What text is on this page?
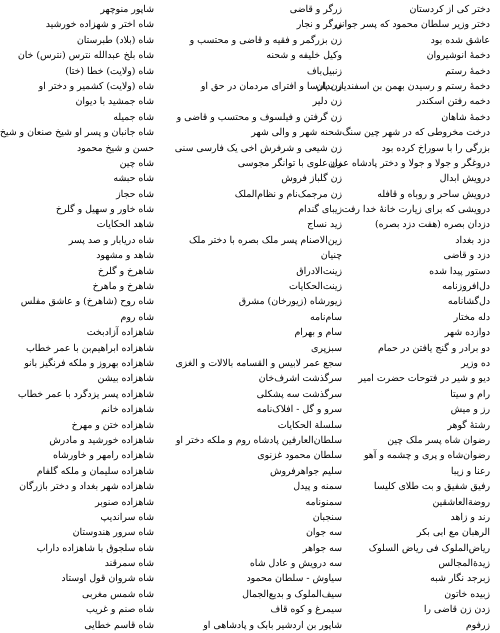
دختر کی از کردستان
زرگر و قاضی
شاپور منوچهر
دختر وزیر سلطان محمود که پسر جوانی
زرگر و نجار
شاه اختر و شهزاده خورشید
عاشق شده بود
زن بزرگمر و فقیه و قاضی و محتسب و
شاه (بلاد) طبرستان
دخمهٔ انوشیروان
وکیل خلیفه و شحنه
شاه بلخ عبدالله نترس (نترس) خان
دخمهٔ رستم
زنبیل‌باف
شاه (ولایت) خطا (ختا)
دخمهٔ رستم و رسیدن بهمن بن اسفندیار بدان
زن پارسا و افترای مردمان در حق او
شاه (ولایت) کشمیر و دختر او
دخمه رفتن اسکندر
زن دلیر
شاه جمشید با دیوان
دخمهٔ شاهان
زن گرفتن و فیلسوف و محتسب و قاضی و
شاه جمیله
درخت مخروطی که در شهر چین سنگ
شحنه شهر و والی شهر
شاه جانبان و پسر او شیخ صنعان و شیخ
بزرگی را با سوراخ کرده بود
زن شیعی و شرفرش اخی یک فارسی سنی
حسن و شیخ محمود
دروغگر و جولا و جولا و دختر پادشاه عمان
زن علوی با توانگر مجوسی
شاه چین
درویش ابدال
زن گلباز فروش
شاه حبشه
درویش ساحر و روباه و قافله
زن مرجمک‌نام و نظام‌الملک
شاه حجاز
درویشی که برای زیارت خانهٔ خدا رفت
زیبای گندام
شاه خاور و سهیل و گلرخ
دزدان بصره (هفت دزد بصره)
زید نساج
شاهد الحکایات
دزد بغداد
زین‌الاصنام پسر ملک بصره با دختر ملک
شاه دریابار و صد پسر
دزد و قاضی
چنیان
شاهد و مشهود
دستور پیدا شده
زینت‌الادراق
شاهرخ و گلرخ
دل‌افروزنامه
زینت‌الحکایات
شاهرخ و ماهرخ
دل‌گشانامه
زیورشاه (زیورخان) مشرق
شاه روح (شاهرخ) و عاشق مفلس
دله مختار
سام‌نامه
شاه روم
دوازده شهر
سام و بهرام
شاهزاده آزادبخت
دو برادر و گنج یافتن در حمام
سبزپری
شاهزاده ابراهیم‌بن با عمر خطاب
ده وزیر
سجع عمر لابیس و القسامه بالالات و الغزی
شاهزاده بهروز و ملکه فرنگیز بانو
دیو و شیر در فتوحات حضرت امیر
سرگذشت اشرف‌خان
شاهزاده بیشن
رام و سیتا
سرگذشت سه پشکلی
شاهزاده پسر یزدگرد با عمر خطاب
رز و میش
سرو و گل - افلاک‌نامه
شاهزاده خانم
رشتهٔ گوهر
سلسلة الحکایات
شاهزاده ختن و مهرخ
رضوان شاه پسر ملک چین
سلطان‌العارفین پادشاه روم و ملکه دختر او
شاهزاده خورشید و مادرش
رضوان‌شاه و پری و چشمه و آهو
سلطان محمود غزنوی
شاهزاده رامهر و خاورشاه
رعنا و زیبا
سلیم جواهرفروش
شاهزاده سلیمان و ملکه گلفام
رفیق شفیق و بت طلای کلیسا
سمنه و پیدل
شاهزاده شهر بغداد و دختر بازرگان
روضة‌العاشقین
سمنونامه
شاهزاده صنوبر
رند و زاهد
سنجبان
شاه سراندیپ
الرهبان مع ابی بکر
سه جوان
شاه سرور هندوستان
ریاض‌الملوک فی ریاض السلوک
سه جواهر
شاه سلجوق با شاهزاده داراب
زیدة‌المجالس
سه درویش و عادل شاه
شاه سمرقند
زبرجد نگار شبه
سیاوش - سلطان محمود
شاه شروان قول اوستاد
زبیده خاتون
سیف‌الملوک و بدیع‌الجمال
شاه شمس مغربی
زدن زن قاضی را
سیمرغ و کوه قاف
شاه صنم و غریب
زرفوم
شاپور بن اردشیر بابک و پادشاهی او
شاه قاسم خطایی
